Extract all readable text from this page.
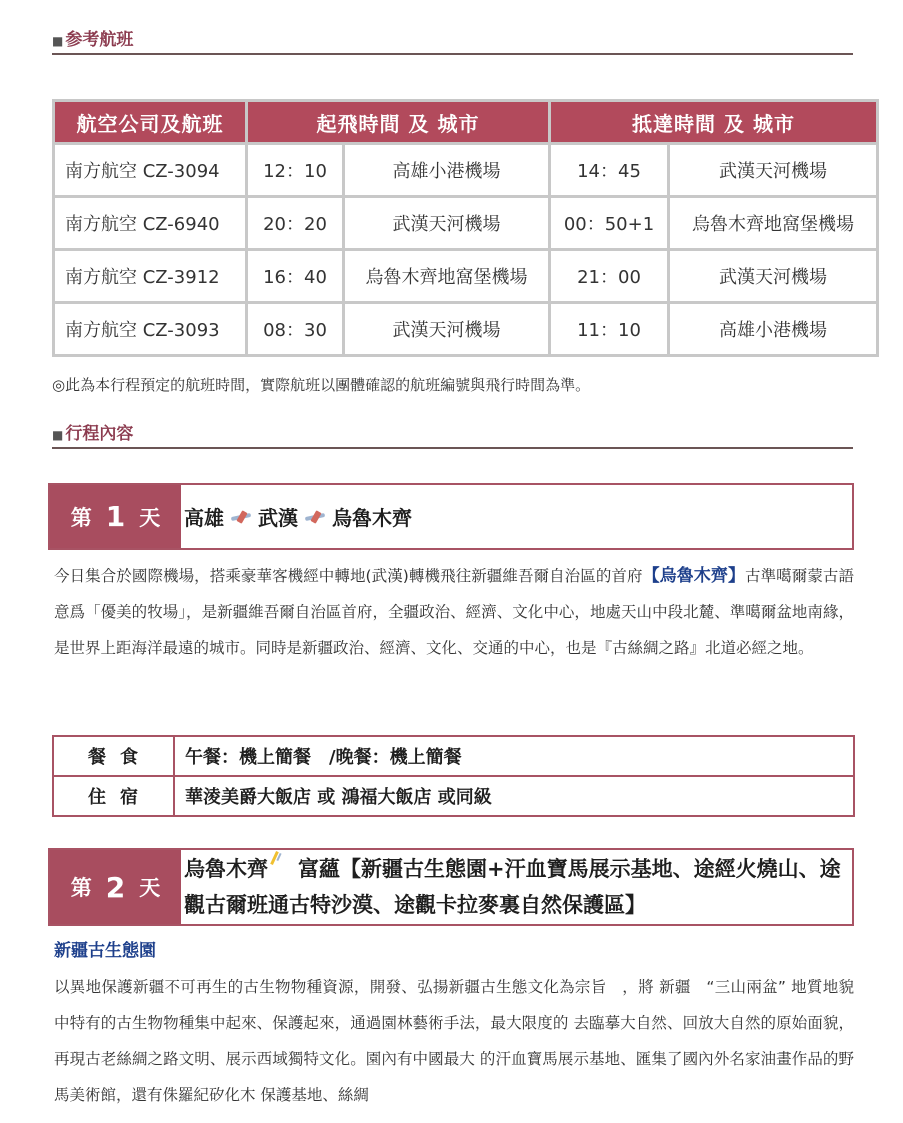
■ 参考航班
航空公司及航班	起飛時間 及 城市		抵達時間 及 城市	
南方航空 CZ-3094	12：10	高雄小港機場	14：45	武漢天河機場
南方航空 CZ-6940	20：20	武漢天河機場	00：50+1	烏魯木齊地窩堡機場
南方航空 CZ-3912	16：40	烏魯木齊地窩堡機場	21：00	武漢天河機場
南方航空 CZ-3093	08：30	武漢天河機場	11：10	高雄小港機場
◎此為本行程預定的航班時間，實際航班以團體確認的航班編號與飛行時間為準。
■ 行程內容
第 1 天 高雄 武漢 烏魯木齊
今日集合於國際機場，搭乘豪華客機經中轉地(武漢)轉機飛往新疆維吾爾自治區的首府【烏魯木齊】古準噶爾蒙古語意爲「優美的牧場」，是新疆維吾爾自治區首府，全疆政治、經濟、文化中心，地處天山中段北麓、準噶爾盆地南緣，是世界上距海洋最遠的城市。同時是新疆政治、經濟、文化、交通的中心，也是『古絲綢之路』北道必經之地。
餐食	午餐：機上簡餐　/晚餐：機上簡餐
住宿	華淩美爵大飯店 或 鴻福大飯店 或同級
第 2 天
烏魯木齊 富蘊【新疆古生態園+汗血寶馬展示基地、途經火燒山、途觀古爾班通古特沙漠、途觀卡拉麥裏自然保護區】
新疆古生態園
以異地保護新疆不可再生的古生物物種資源，開發、弘揚新疆古生態文化為宗旨　，將 新疆　“三山兩盆” 地質地貌中特有的古生物物種集中起來、保護起來，通過園林藝術手法，最大限度的 去臨摹大自然、回放大自然的原始面貌，再現古老絲綢之路文明、展示西域獨特文化。園內有中國最大 的汗血寶馬展示基地、匯集了國內外名家油畫作品的野馬美術館，還有侏羅紀矽化木 保護基地、絲綢
